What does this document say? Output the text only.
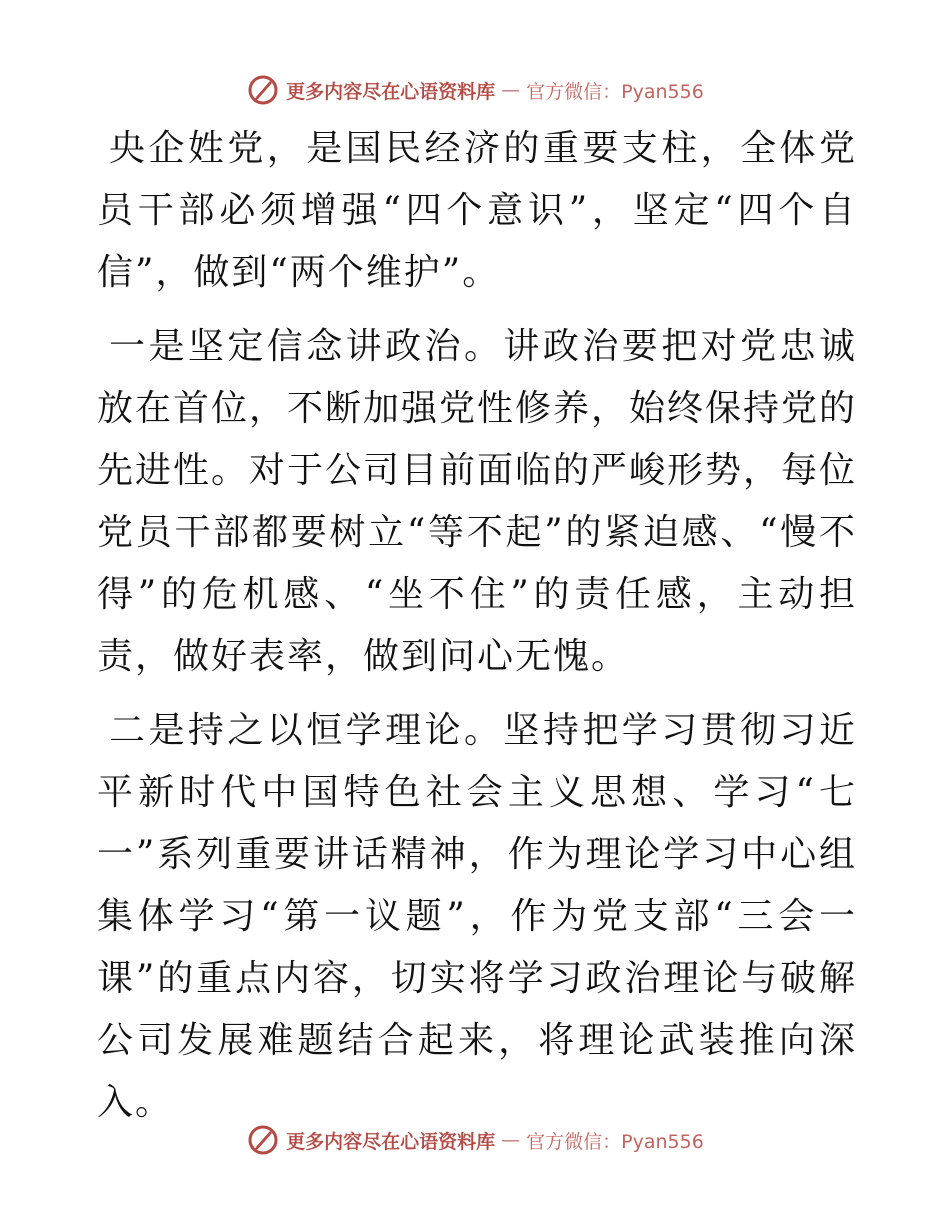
更多内容尽在心语资料库 — 官方微信：Pyan556

央企姓党，是国民经济的重要支柱，全体党员干部必须增强“四个意识”，坚定“四个自信”，做到“两个维护”。

一是坚定信念讲政治。讲政治要把对党忠诚放在首位，不断加强党性修养，始终保持党的先进性。对于公司目前面临的严峻形势，每位党员干部都要树立“等不起”的紧迫感、“慢不得”的危机感、“坐不住”的责任感，主动担责，做好表率，做到问心无愧。

二是持之以恒学理论。坚持把学习贯彻习近平新时代中国特色社会主义思想、学习“七一”系列重要讲话精神，作为理论学习中心组集体学习“第一议题”，作为党支部“三会一课”的重点内容，切实将学习政治理论与破解公司发展难题结合起来，将理论武装推向深入。

更多内容尽在心语资料库 — 官方微信：Pyan556
